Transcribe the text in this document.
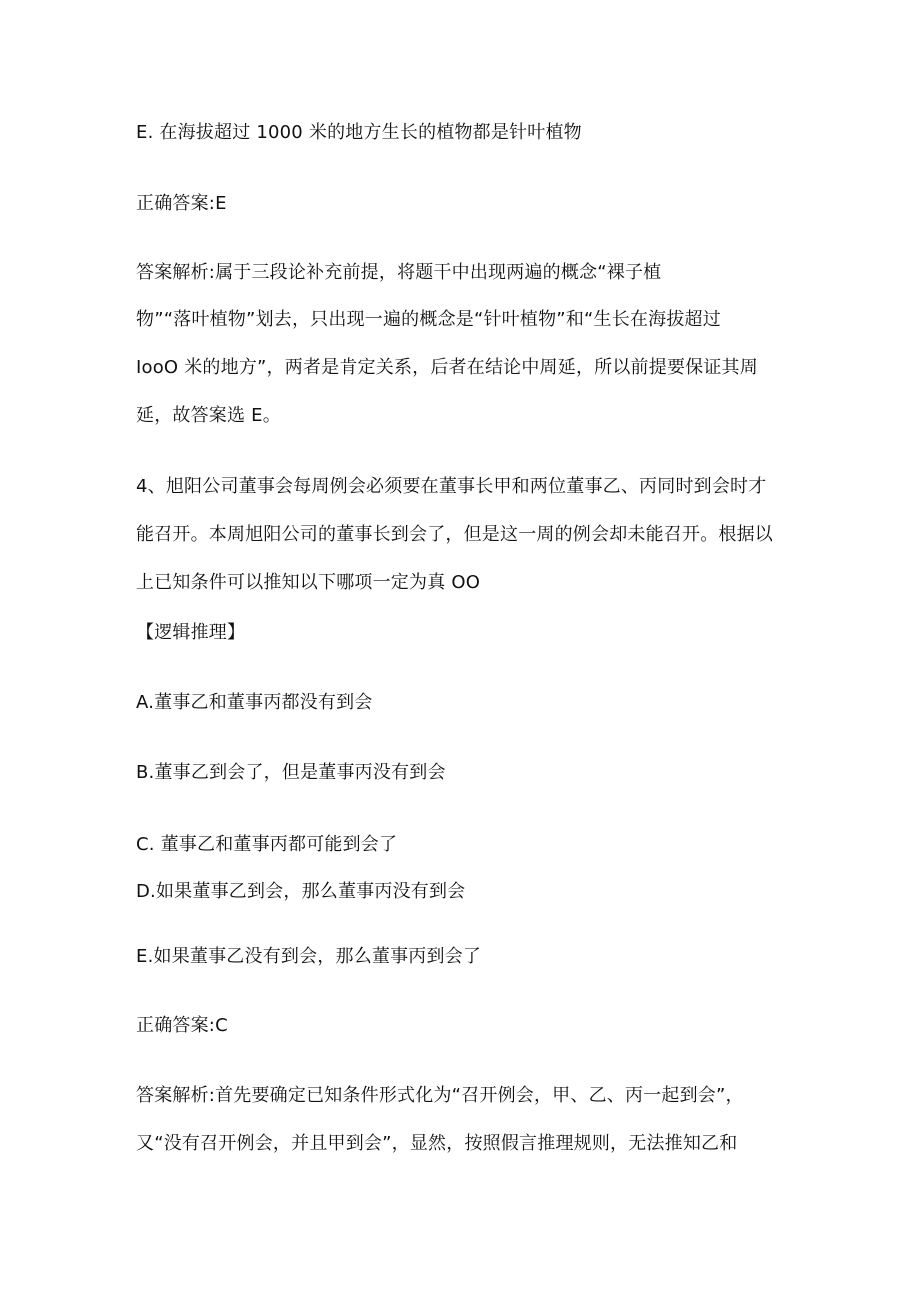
E. 在海拔超过 1000 米的地方生长的植物都是针叶植物
正确答案:E
答案解析:属于三段论补充前提，将题干中出现两遍的概念“裸子植
物”“落叶植物”划去，只出现一遍的概念是“针叶植物”和“生长在海拔超过
IooO 米的地方”，两者是肯定关系，后者在结论中周延，所以前提要保证其周
延，故答案选 E。
4、旭阳公司董事会每周例会必须要在董事长甲和两位董事乙、丙同时到会时才
能召开。本周旭阳公司的董事长到会了，但是这一周的例会却未能召开。根据以
上已知条件可以推知以下哪项一定为真 OO
【逻辑推理】
A.董事乙和董事丙都没有到会
B.董事乙到会了，但是董事丙没有到会
C. 董事乙和董事丙都可能到会了
D.如果董事乙到会，那么董事丙没有到会
E.如果董事乙没有到会，那么董事丙到会了
正确答案:C
答案解析:首先要确定已知条件形式化为“召开例会，甲、乙、丙一起到会”，
又“没有召开例会，并且甲到会”，显然，按照假言推理规则，无法推知乙和
